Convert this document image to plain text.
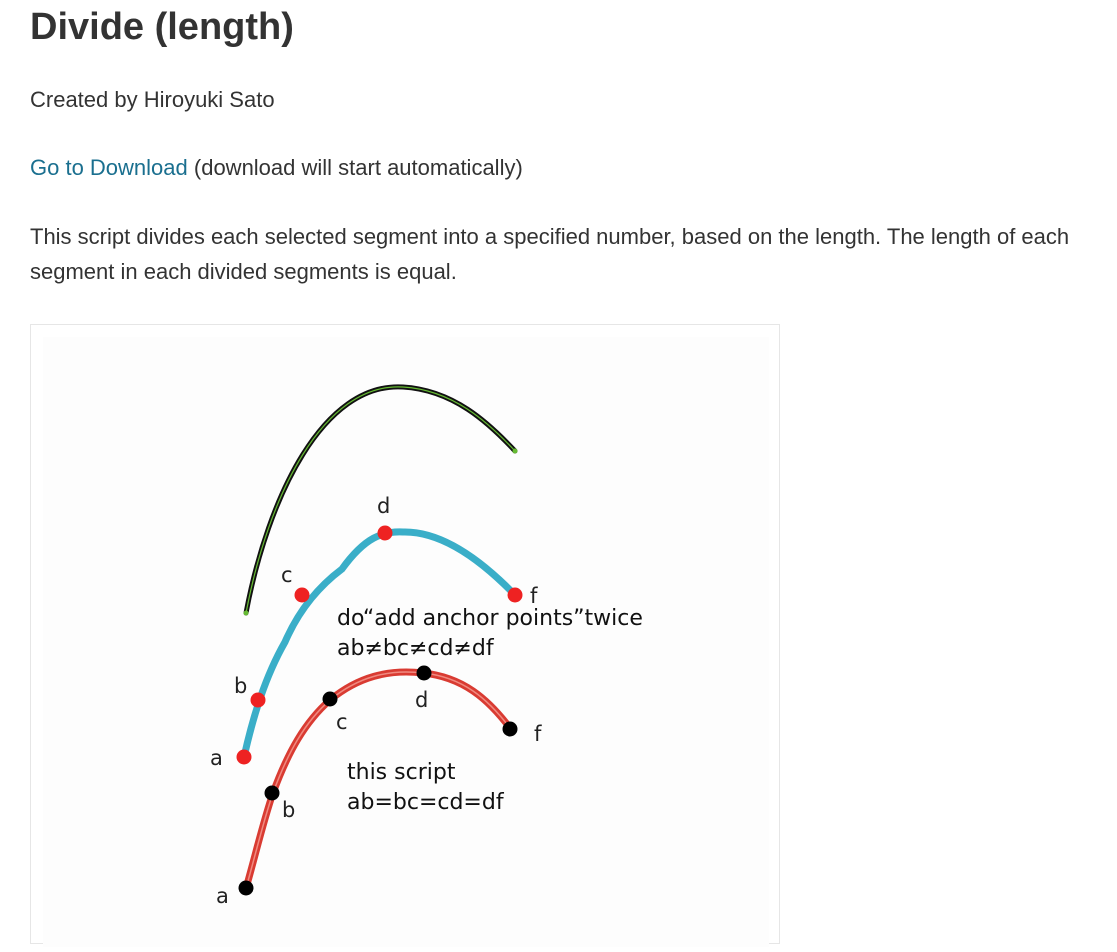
Divide (length)

Created by Hiroyuki Sato

Go to Download (download will start automatically)

This script divides each selected segment into a specified number, based on the length. The length of each segment in each divided segments is equal.

a
b
c
d
f
do“add anchor points”twice
ab≠bc≠cd≠df
a
b
c
d
f
this script
ab=bc=cd=df
